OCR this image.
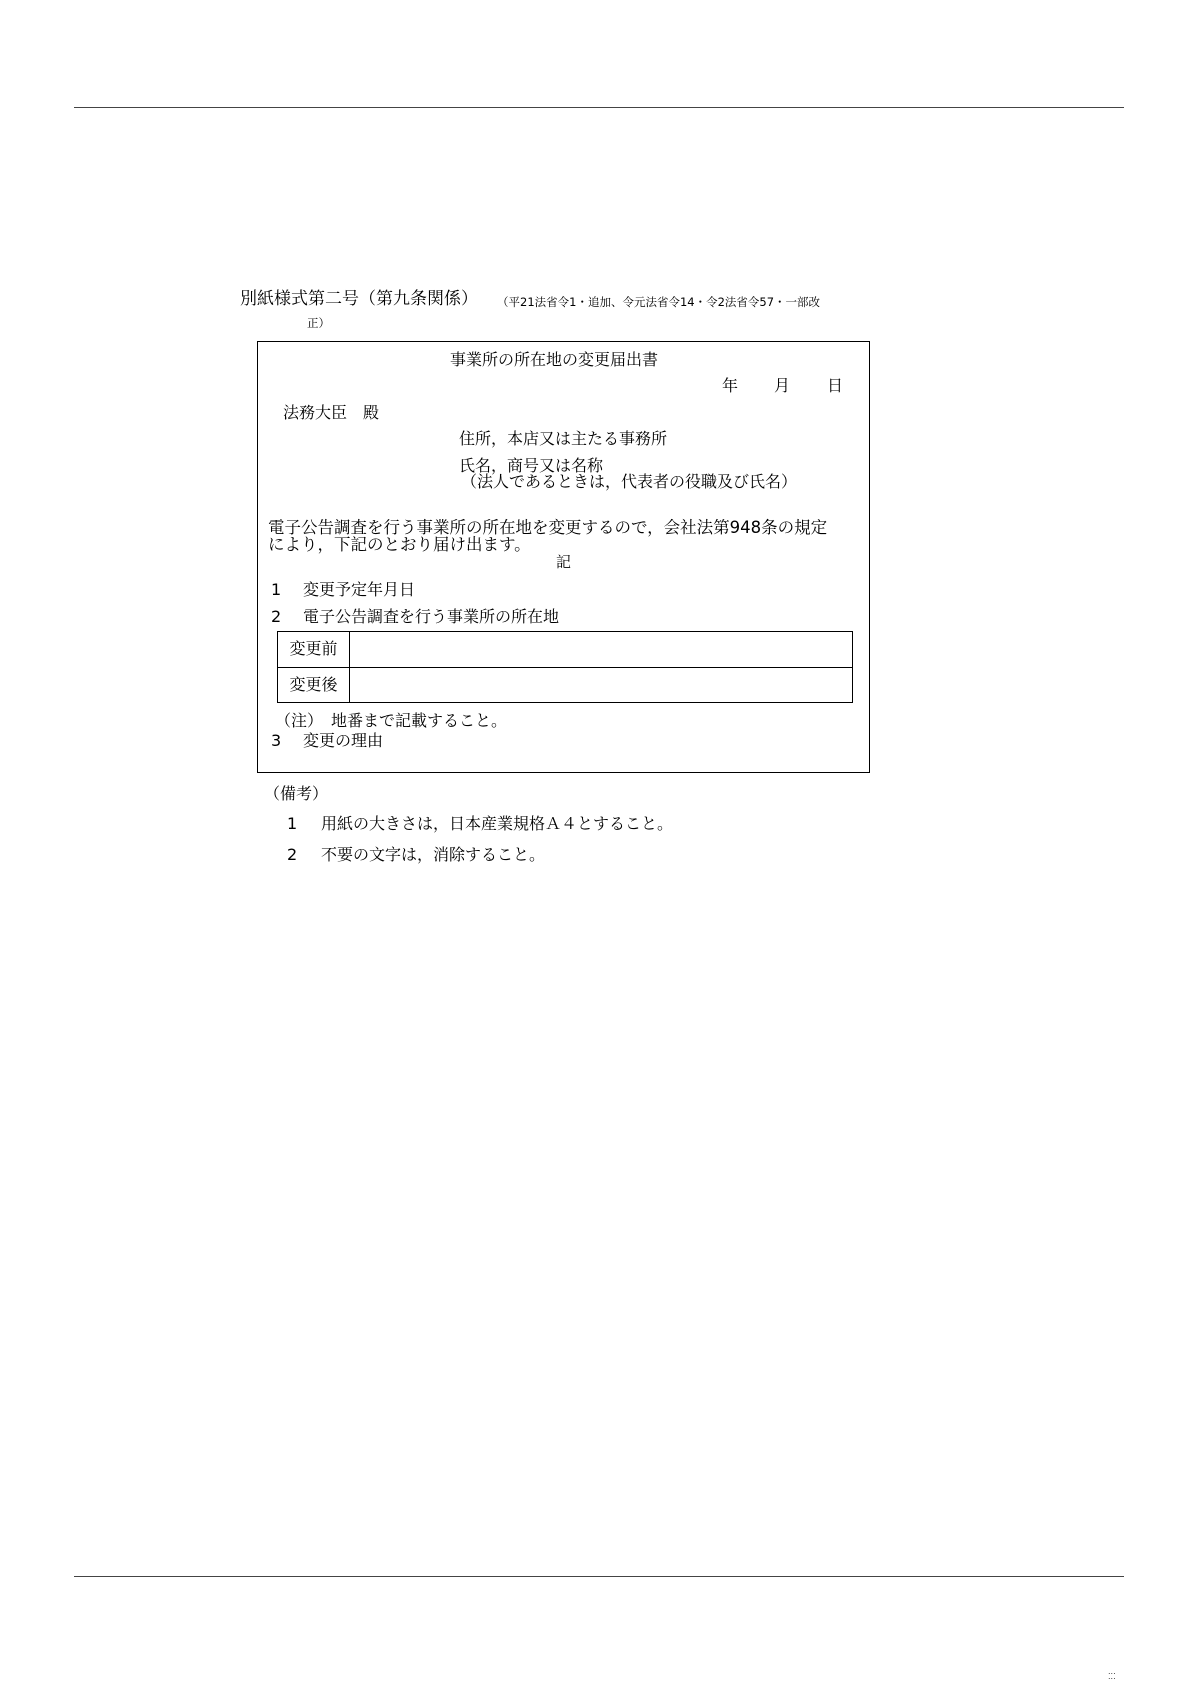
別紙様式第二号（第九条関係） （平21法省令1・追加、令元法省令14・令2法省令57・一部改
正）
事業所の所在地の変更届出書
年 月 日
法務大臣　殿
住所，本店又は主たる事務所
氏名，商号又は名称
（法人であるときは，代表者の役職及び氏名）
電子公告調査を行う事業所の所在地を変更するので，会社法第948条の規定
により，下記のとおり届け出ます。
記
1 変更予定年月日
2 電子公告調査を行う事業所の所在地
変更前
変更後
（注）　地番まで記載すること。
3 変更の理由
（備考）
1 用紙の大きさは，日本産業規格Ａ４とすること。
2 不要の文字は，消除すること。
⁚⁚⁚
